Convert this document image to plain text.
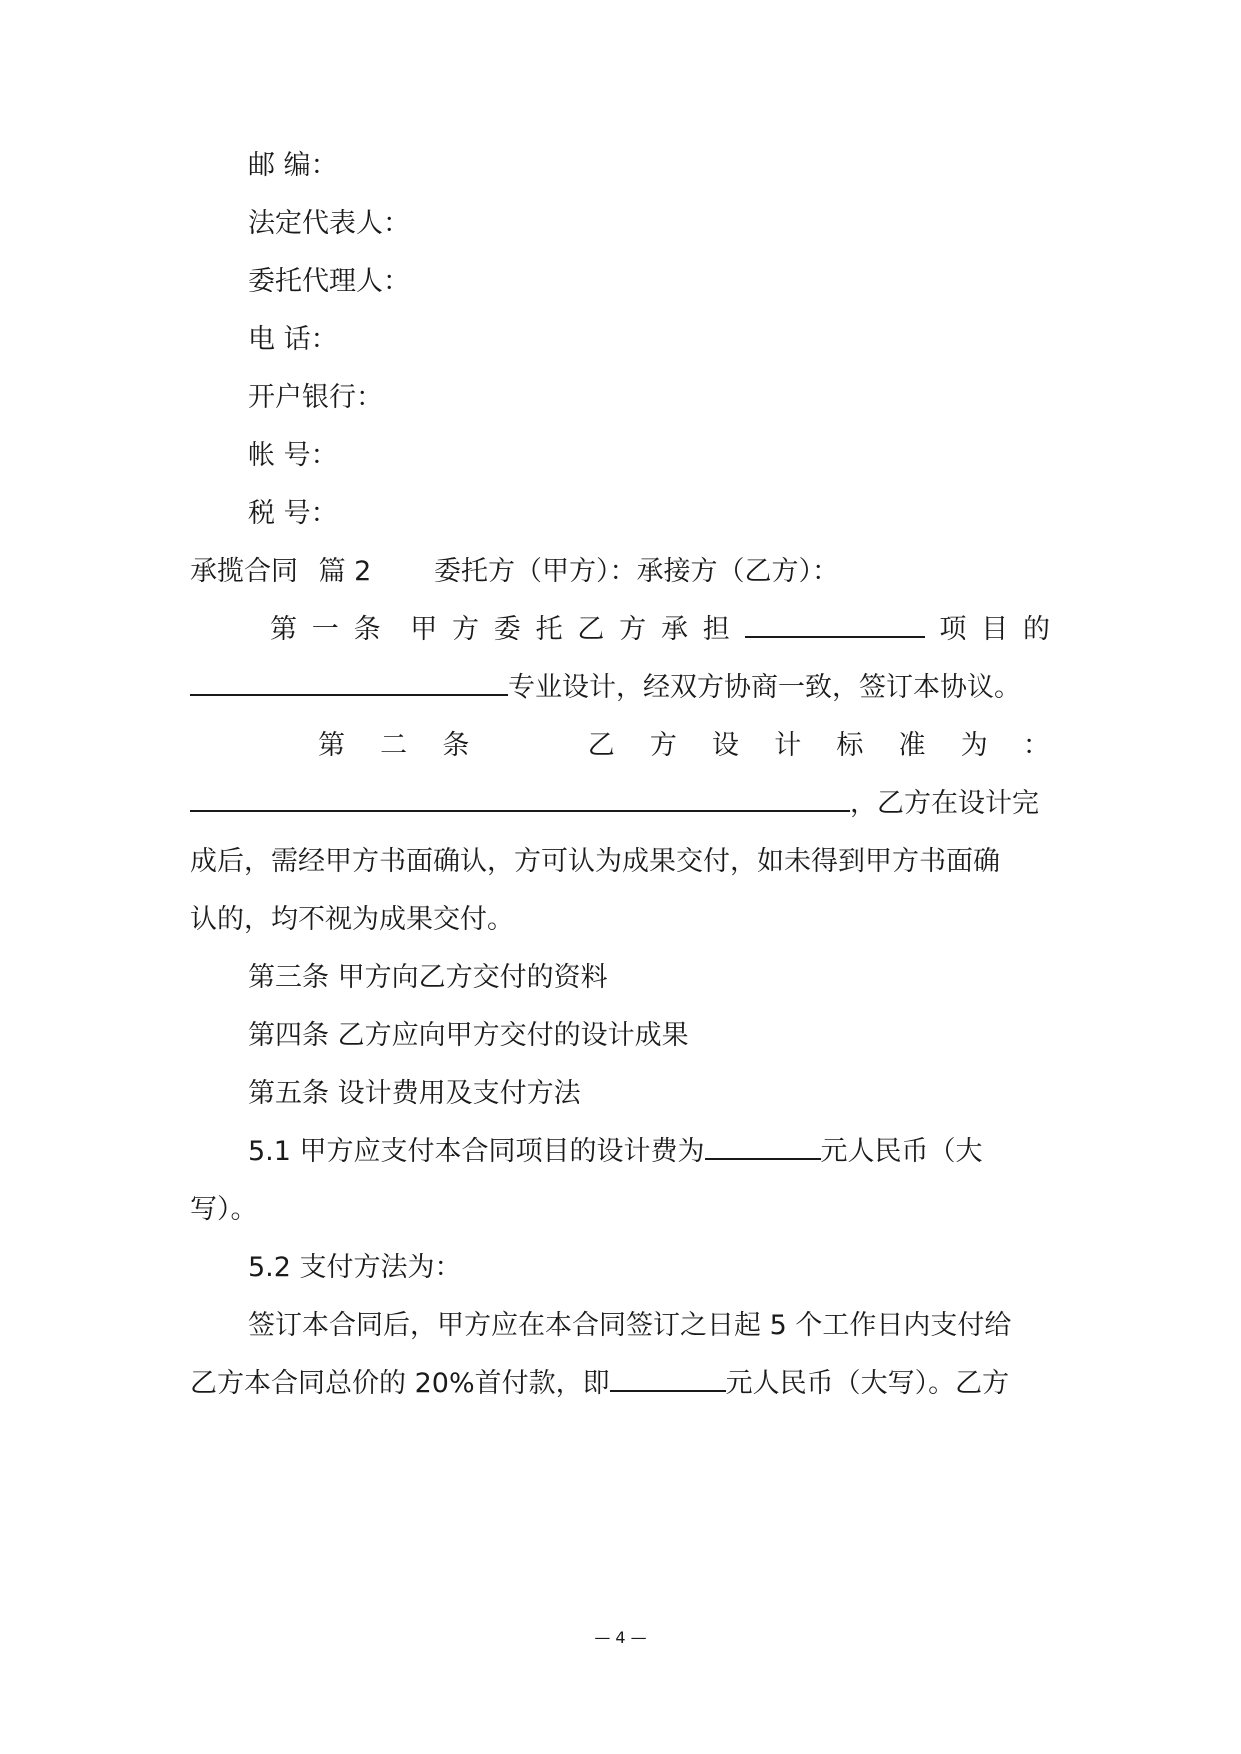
邮 编：
法定代表人：
委托代理人：
电 话：
开户银行：
帐 号：
税 号：
承揽合同 篇 2 委托方（甲方）：承接方（乙方）：
第 一 条 甲 方 委 托 乙 方 承 担	项 目 的
专业设计，经双方协商一致，签订本协议。
第 二 条	乙 方 设 计 标 准 为 ：
，乙方在设计完
成后，需经甲方书面确认，方可认为成果交付，如未得到甲方书面确
认的，均不视为成果交付。
第三条 甲方向乙方交付的资料
第四条 乙方应向甲方交付的设计成果
第五条 设计费用及支付方法
5.1 甲方应支付本合同项目的设计费为	元人民币（大
写）。
5.2 支付方法为：
签订本合同后，甲方应在本合同签订之日起 5 个工作日内支付给
乙方本合同总价的 20%首付款，即	元人民币（大写）。乙方
— 4 —
